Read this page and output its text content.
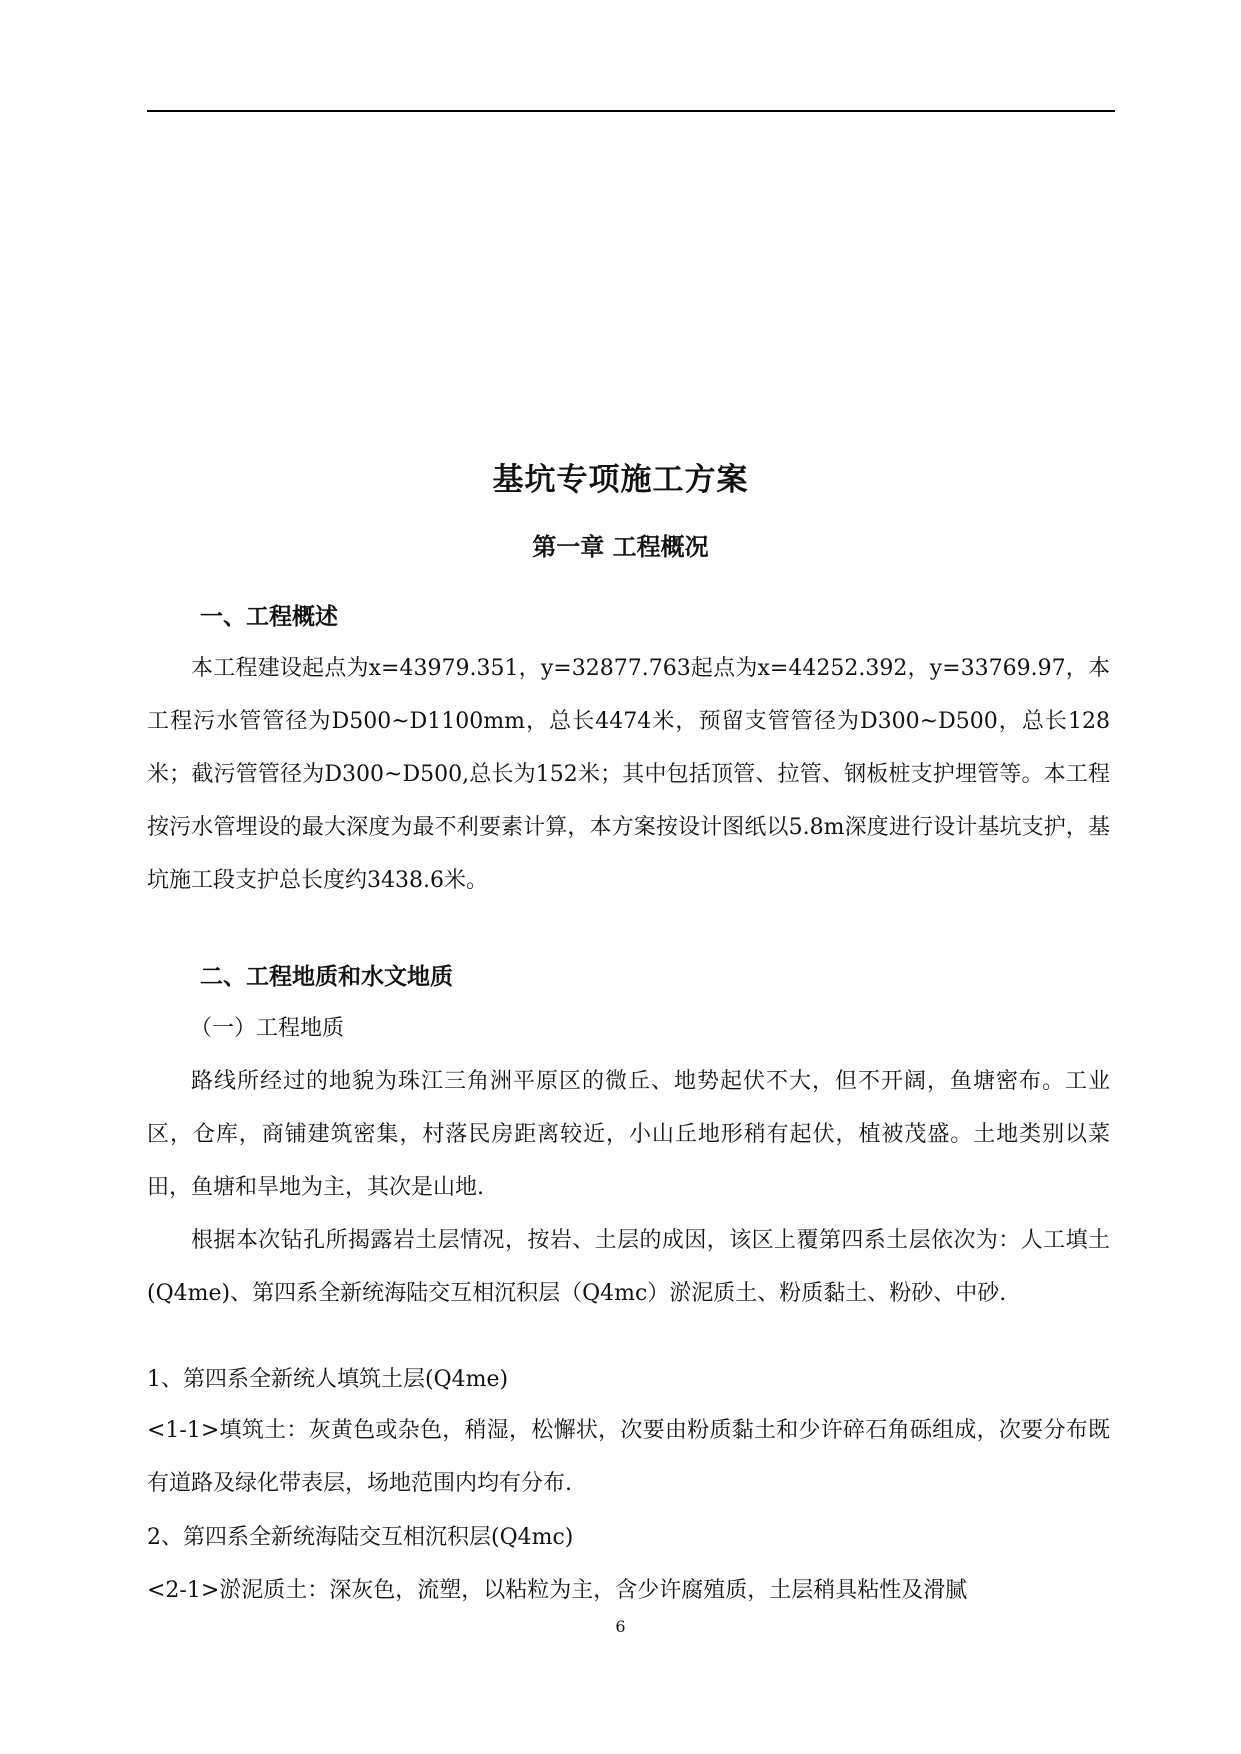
基坑专项施工方案
第一章 工程概况
一、工程概述

本工程建设起点为x=43979.351，y=32877.763起点为x=44252.392，y=33769.97，本工程污水管管径为D500~D1100mm，总长4474米，预留支管管径为D300~D500，总长128米；截污管管径为D300~D500,总长为152米；其中包括顶管、拉管、钢板桩支护埋管等。本工程按污水管埋设的最大深度为最不利要素计算，本方案按设计图纸以5.8m深度进行设计基坑支护，基坑施工段支护总长度约3438.6米。

二、工程地质和水文地质
（一）工程地质

路线所经过的地貌为珠江三角洲平原区的微丘、地势起伏不大，但不开阔，鱼塘密布。工业区，仓库，商铺建筑密集，村落民房距离较近，小山丘地形稍有起伏，植被茂盛。土地类别以菜田，鱼塘和旱地为主，其次是山地.

根据本次钻孔所揭露岩土层情况，按岩、土层的成因，该区上覆第四系土层依次为：人工填土(Q4me)、第四系全新统海陆交互相沉积层（Q4mc）淤泥质土、粉质黏土、粉砂、中砂.

1、第四系全新统人填筑土层(Q4me)

<1-1>填筑土：灰黄色或杂色，稍湿，松懈状，次要由粉质黏土和少许碎石角砾组成，次要分布既有道路及绿化带表层，场地范围内均有分布.

2、第四系全新统海陆交互相沉积层(Q4mc)
<2-1>淤泥质土：深灰色，流塑，以粘粒为主，含少许腐殖质，土层稍具粘性及滑腻
6
